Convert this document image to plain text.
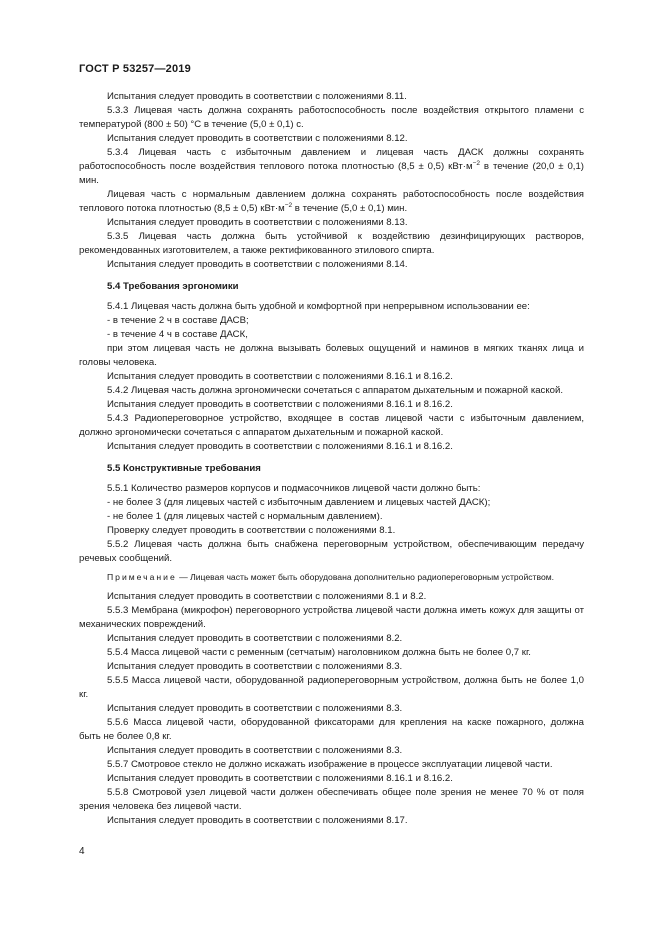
ГОСТ Р 53257—2019

Испытания следует проводить в соответствии с положениями 8.11.

5.3.3 Лицевая часть должна сохранять работоспособность после воздействия открытого пламени с температурой (800 ± 50) °С в течение (5,0 ± 0,1) с.

Испытания следует проводить в соответствии с положениями 8.12.

5.3.4 Лицевая часть с избыточным давлением и лицевая часть ДАСК должны сохранять работоспособность после воздействия теплового потока плотностью (8,5 ± 0,5) $кВт\cdot м^{-2}$ в течение (20,0 ± 0,1) мин.

Лицевая часть с нормальным давлением должна сохранять работоспособность после воздействия теплового потока плотностью (8,5 ± 0,5) $кВт\cdot м^{-2}$ в течение (5,0 ± 0,1) мин.

Испытания следует проводить в соответствии с положениями 8.13.

5.3.5 Лицевая часть должна быть устойчивой к воздействию дезинфицирующих растворов, рекомендованных изготовителем, а также ректификованного этилового спирта.

Испытания следует проводить в соответствии с положениями 8.14.

5.4 Требования эргономики

5.4.1 Лицевая часть должна быть удобной и комфортной при непрерывном использовании ее:

- в течение 2 ч в составе ДАСВ;

- в течение 4 ч в составе ДАСК,

при этом лицевая часть не должна вызывать болевых ощущений и наминов в мягких тканях лица и головы человека.

Испытания следует проводить в соответствии с положениями 8.16.1 и 8.16.2.

5.4.2 Лицевая часть должна эргономически сочетаться с аппаратом дыхательным и пожарной каской.

Испытания следует проводить в соответствии с положениями 8.16.1 и 8.16.2.

5.4.3 Радиопереговорное устройство, входящее в состав лицевой части с избыточным давлением, должно эргономически сочетаться с аппаратом дыхательным и пожарной каской.

Испытания следует проводить в соответствии с положениями 8.16.1 и 8.16.2.

5.5 Конструктивные требования

5.5.1 Количество размеров корпусов и подмасочников лицевой части должно быть:

- не более 3 (для лицевых частей с избыточным давлением и лицевых частей ДАСК);

- не более 1 (для лицевых частей с нормальным давлением).

Проверку следует проводить в соответствии с положениями 8.1.

5.5.2 Лицевая часть должна быть снабжена переговорным устройством, обеспечивающим передачу речевых сообщений.

Примечание — Лицевая часть может быть оборудована дополнительно радиопереговорным устройством.

Испытания следует проводить в соответствии с положениями 8.1 и 8.2.

5.5.3 Мембрана (микрофон) переговорного устройства лицевой части должна иметь кожух для защиты от механических повреждений.

Испытания следует проводить в соответствии с положениями 8.2.

5.5.4 Масса лицевой части с ременным (сетчатым) наголовником должна быть не более 0,7 кг.

Испытания следует проводить в соответствии с положениями 8.3.

5.5.5 Масса лицевой части, оборудованной радиопереговорным устройством, должна быть не более 1,0 кг.

Испытания следует проводить в соответствии с положениями 8.3.

5.5.6 Масса лицевой части, оборудованной фиксаторами для крепления на каске пожарного, должна быть не более 0,8 кг.

Испытания следует проводить в соответствии с положениями 8.3.

5.5.7 Смотровое стекло не должно искажать изображение в процессе эксплуатации лицевой части.

Испытания следует проводить в соответствии с положениями 8.16.1 и 8.16.2.

5.5.8 Смотровой узел лицевой части должен обеспечивать общее поле зрения не менее 70 % от поля зрения человека без лицевой части.

Испытания следует проводить в соответствии с положениями 8.17.

4
